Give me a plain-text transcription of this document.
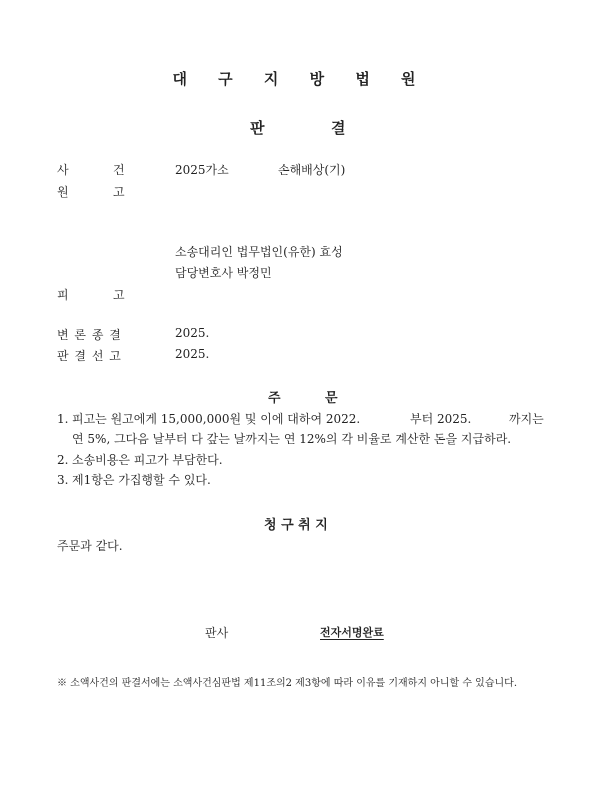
대 구 지 방 법 원
판	결
사	건	2025가소	손해배상(기)
원	고
소송대리인 법무법인(유한) 효성
담당변호사 박정민
피	고
변 론 종 결	2025.
판 결 선 고	2025.
주	문
1. 피고는 원고에게 15,000,000원 및 이에 대하여 2022.	부터 2025.	까지는
연 5%, 그다음 날부터 다 갚는 날까지는 연 12%의 각 비율로 계산한 돈을 지급하라.
2. 소송비용은 피고가 부담한다.
3. 제1항은 가집행할 수 있다.
청 구 취 지
주문과 같다.
판사	전자서명완료
※ 소액사건의 판결서에는 소액사건심판법 제11조의2 제3항에 따라 이유를 기재하지 아니할 수 있습니다.
